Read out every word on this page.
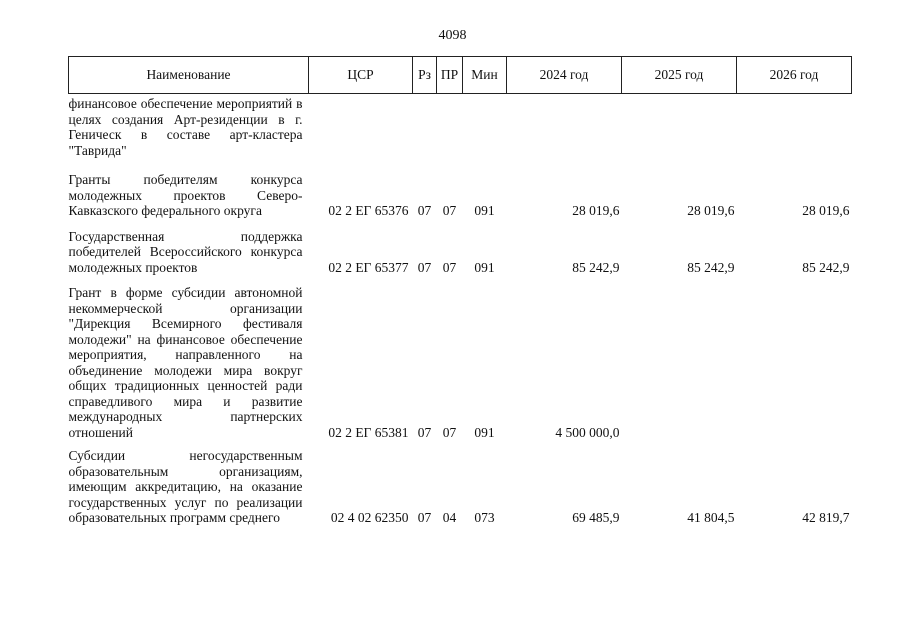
4098
Наименование	ЦСР	Рз	ПР	Мин	2024 год	2025 год	2026 год
финансовое обеспечение мероприятий в целях создания Арт-резиденции в г. Геническ в составе арт-кластера "Таврида"							
Гранты победителям конкурса молодежных проектов Северо-Кавказского федерального округа	02 2 ЕГ 65376	07	07	091	28 019,6	28 019,6	28 019,6
Государственная поддержка победителей Всероссийского конкурса молодежных проектов	02 2 ЕГ 65377	07	07	091	85 242,9	85 242,9	85 242,9
Грант в форме субсидии автономной некоммерческой организации "Дирекция Всемирного фестиваля молодежи" на финансовое обеспечение мероприятия, направленного на объединение молодежи мира вокруг общих традиционных ценностей ради справедливого мира и развитие международных партнерских отношений	02 2 ЕГ 65381	07	07	091	4 500 000,0		
Субсидии негосударственным образовательным организациям, имеющим аккредитацию, на оказание государственных услуг по реализации образовательных программ среднего	02 4 02 62350	07	04	073	69 485,9	41 804,5	42 819,7
